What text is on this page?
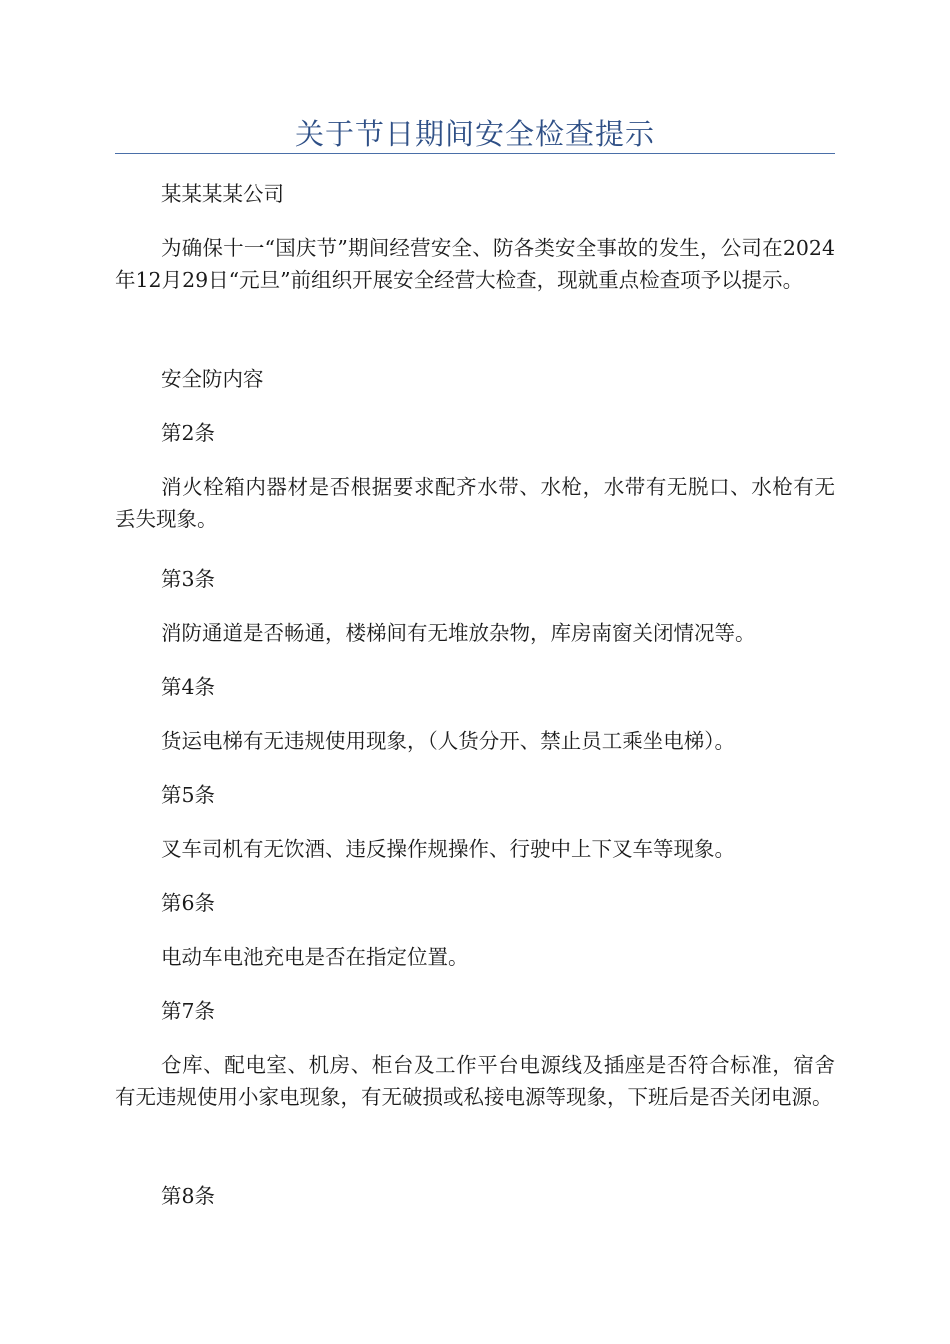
关于节日期间安全检查提示

某某某某公司

为确保十一“国庆节”期间经营安全、防各类安全事故的发生，公司在2024年12月29日“元旦”前组织开展安全经营大检查，现就重点检查项予以提示。

安全防内容

第2条

消火栓箱内器材是否根据要求配齐水带、水枪，水带有无脱口、水枪有无丢失现象。

第3条

消防通道是否畅通，楼梯间有无堆放杂物，库房南窗关闭情况等。

第4条

货运电梯有无违规使用现象，（人货分开、禁止员工乘坐电梯）。

第5条

叉车司机有无饮酒、违反操作规操作、行驶中上下叉车等现象。

第6条

电动车电池充电是否在指定位置。

第7条

仓库、配电室、机房、柜台及工作平台电源线及插座是否符合标准，宿舍有无违规使用小家电现象，有无破损或私接电源等现象，下班后是否关闭电源。

第8条
